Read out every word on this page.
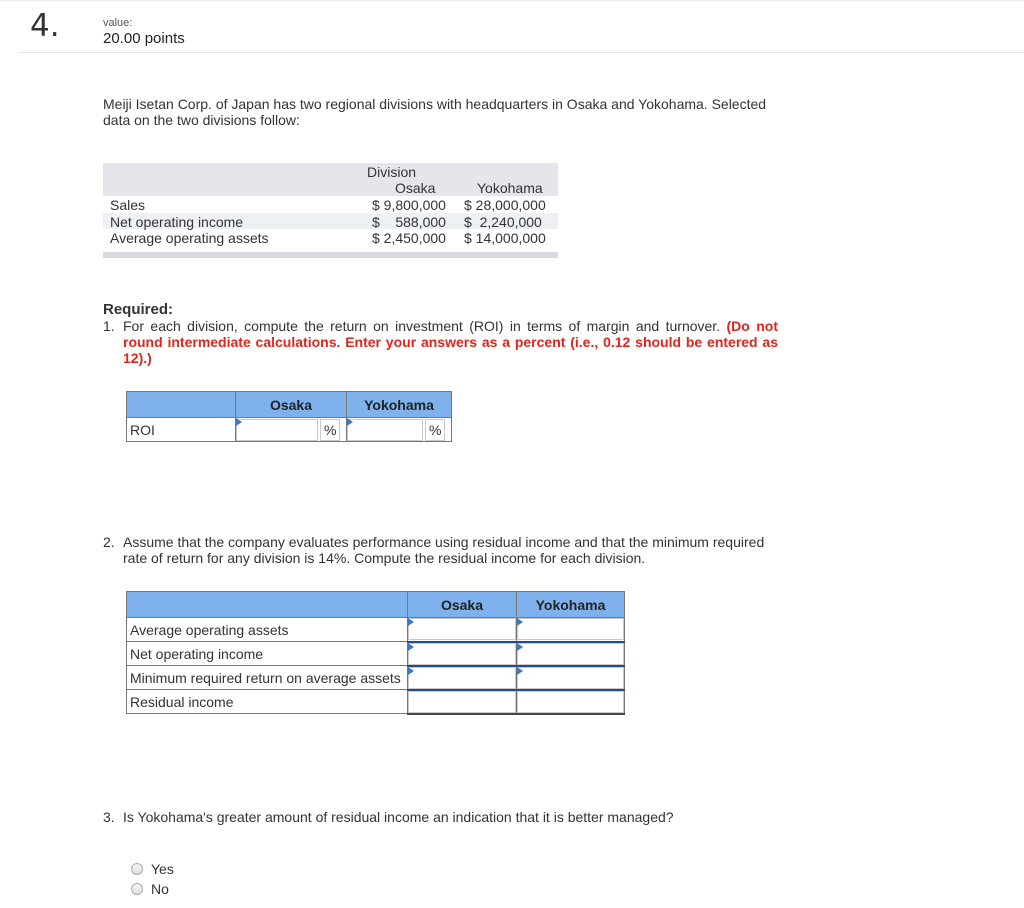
4.	value:
20.00 points
Meiji Isetan Corp. of Japan has two regional divisions with headquarters in Osaka and Yokohama. Selected
data on the two divisions follow:
Division
Osaka	Yokohama
Sales	$ 9,800,000 $ 28,000,000
Net operating income	$    588,000 $  2,240,000
Average operating assets	$ 2,450,000 $ 14,000,000
Required:
1. For each division, compute the return on investment (ROI) in terms of margin and turnover. (Do not
round intermediate calculations. Enter your answers as a percent (i.e., 0.12 should be entered as
12).)
	Osaka	Yokohama
ROI	%	%
2. Assume that the company evaluates performance using residual income and that the minimum required
rate of return for any division is 14%. Compute the residual income for each division.
	Osaka	Yokohama
Average operating assets	

Net operating income	

Minimum required return on average assets	

Residual income	

3. Is Yokohama's greater amount of residual income an indication that it is better managed?
Yes
No
